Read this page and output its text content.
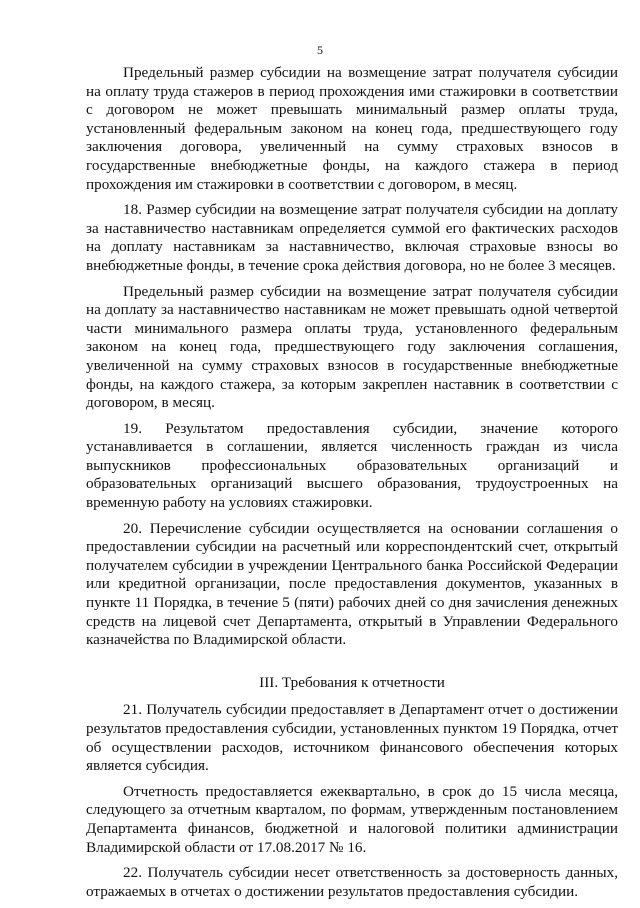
5

Предельный размер субсидии на возмещение затрат получателя субсидии на оплату труда стажеров в период прохождения ими стажировки в соответствии с договором не может превышать минимальный размер оплаты труда, установленный федеральным законом на конец года, предшествующего году заключения договора, увеличенный на сумму страховых взносов в государственные внебюджетные фонды, на каждого стажера в период прохождения им стажировки в соответствии с договором, в месяц.

18. Размер субсидии на возмещение затрат получателя субсидии на доплату за наставничество наставникам определяется суммой его фактических расходов на доплату наставникам за наставничество, включая страховые взносы во внебюджетные фонды, в течение срока действия договора, но не более 3 месяцев.

Предельный размер субсидии на возмещение затрат получателя субсидии на доплату за наставничество наставникам не может превышать одной четвертой части минимального размера оплаты труда, установленного федеральным законом на конец года, предшествующего году заключения соглашения, увеличенной на сумму страховых взносов в государственные внебюджетные фонды, на каждого стажера, за которым закреплен наставник в соответствии с договором, в месяц.

19. Результатом предоставления субсидии, значение которого устанавливается в соглашении, является численность граждан из числа выпускников профессиональных образовательных организаций и образовательных организаций высшего образования, трудоустроенных на временную работу на условиях стажировки.

20. Перечисление субсидии осуществляется на основании соглашения о предоставлении субсидии на расчетный или корреспондентский счет, открытый получателем субсидии в учреждении Центрального банка Российской Федерации или кредитной организации, после предоставления документов, указанных в пункте 11 Порядка, в течение 5 (пяти) рабочих дней со дня зачисления денежных средств на лицевой счет Департамента, открытый в Управлении Федерального казначейства по Владимирской области.

III. Требования к отчетности

21. Получатель субсидии предоставляет в Департамент отчет о достижении результатов предоставления субсидии, установленных пунктом 19 Порядка, отчет об осуществлении расходов, источником финансового обеспечения которых является субсидия.

Отчетность предоставляется ежеквартально, в срок до 15 числа месяца, следующего за отчетным кварталом, по формам, утвержденным постановлением Департамента финансов, бюджетной и налоговой политики администрации Владимирской области от 17.08.2017 № 16.

22. Получатель субсидии несет ответственность за достоверность данных, отражаемых в отчетах о достижении результатов предоставления субсидии.
